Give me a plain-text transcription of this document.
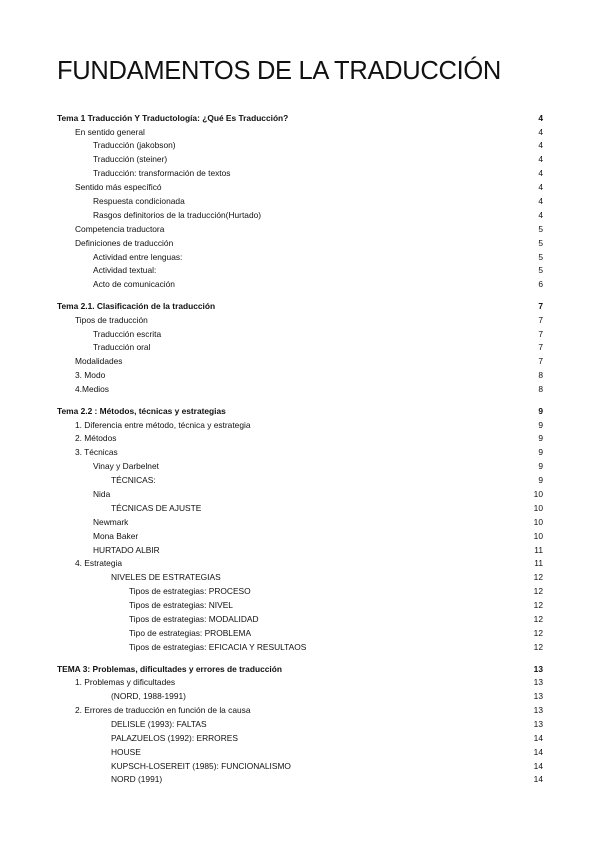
FUNDAMENTOS DE LA TRADUCCIÓN
Tema 1 Traducción Y Traductología: ¿Qué Es Traducción?	4
En sentido general	4
Traducción (jakobson)	4
Traducción (steiner)	4
Traducción: transformación de textos	4
Sentido más específicó	4
Respuesta condicionada	4
Rasgos definitorios de la traducción(Hurtado)	4
Competencia traductora	5
Definiciones de traducción	5
Actividad entre lenguas:	5
Actividad textual:	5
Acto de comunicación	6
Tema 2.1. Clasificación de la traducción	7
Tipos de traducción	7
Traducción escrita	7
Traducción oral	7
Modalidades	7
3. Modo	8
4.Medios	8
Tema 2.2 : Métodos, técnicas y estrategias	9
1. Diferencia entre método, técnica y estrategia	9
2. Métodos	9
3. Técnicas	9
Vinay y Darbelnet	9
TÉCNICAS:	9
Nida	10
TÉCNICAS DE AJUSTE	10
Newmark	10
Mona Baker	10
HURTADO ALBIR	11
4. Estrategia	11
NIVELES DE ESTRATEGIAS	12
Tipos de estrategias: PROCESO	12
Tipos de estrategias: NIVEL	12
Tipos de estrategias: MODALIDAD	12
Tipo de estrategias: PROBLEMA	12
Tipos de estrategias: EFICACIA Y RESULTAOS	12
TEMA 3: Problemas, dificultades y errores de traducción	13
1. Problemas y dificultades	13
(NORD, 1988-1991)	13
2. Errores de traducción en función de la causa	13
DELISLE (1993): FALTAS	13
PALAZUELOS (1992): ERRORES	14
HOUSE	14
KUPSCH-LOSEREIT (1985): FUNCIONALISMO	14
NORD (1991)	14
